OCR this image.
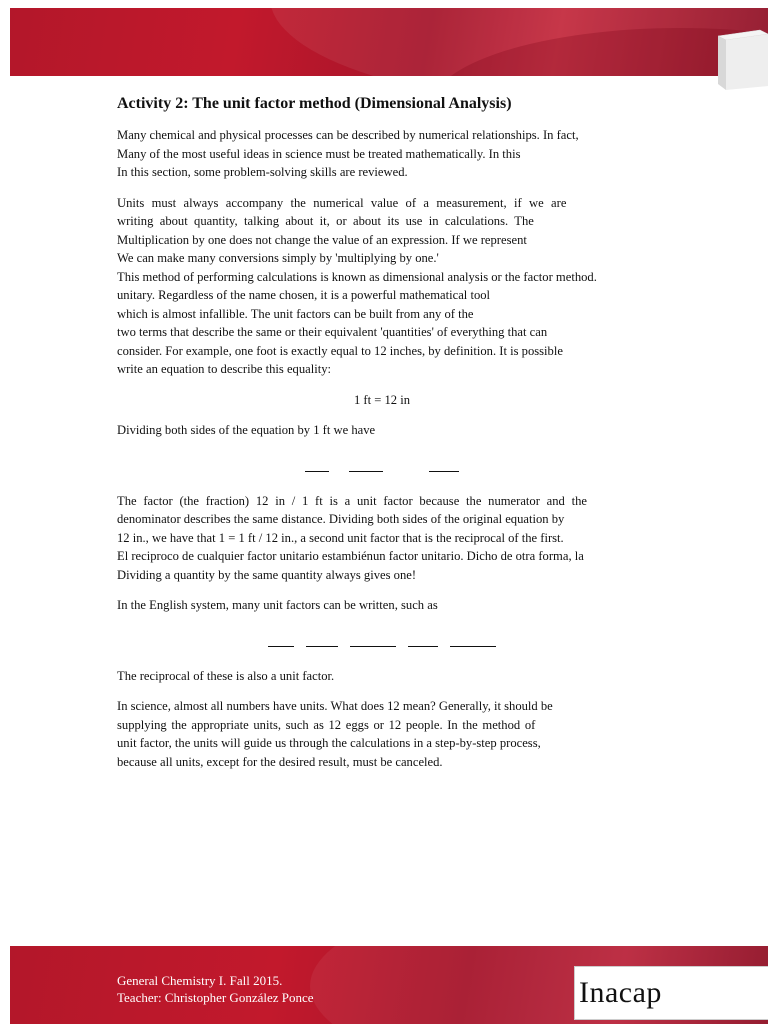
Activity 2: The unit factor method (Dimensional Analysis)
Many chemical and physical processes can be described by numerical relationships. In fact,
Many of the most useful ideas in science must be treated mathematically. In this
In this section, some problem-solving skills are reviewed.
Units must always accompany the numerical value of a measurement, if we are
writing about quantity, talking about it, or about its use in calculations. The
Multiplication by one does not change the value of an expression. If we represent
We can make many conversions simply by 'multiplying by one.'
This method of performing calculations is known as dimensional analysis or the factor method.
unitary. Regardless of the name chosen, it is a powerful mathematical tool
which is almost infallible. The unit factors can be built from any of the
two terms that describe the same or their equivalent 'quantities' of everything that can
consider. For example, one foot is exactly equal to 12 inches, by definition. It is possible
write an equation to describe this equality:
1 ft = 12 in
Dividing both sides of the equation by 1 ft we have
The factor (the fraction) 12 in / 1 ft is a unit factor because the numerator and the
denominator describes the same distance. Dividing both sides of the original equation by
12 in., we have that 1 = 1 ft / 12 in., a second unit factor that is the reciprocal of the first.
El reciproco de cualquier factor unitario estambiénun factor unitario. Dicho de otra forma, la
Dividing a quantity by the same quantity always gives one!
In the English system, many unit factors can be written, such as
The reciprocal of these is also a unit factor.
In science, almost all numbers have units. What does 12 mean? Generally, it should be
supplying the appropriate units, such as 12 eggs or 12 people. In the method of
unit factor, the units will guide us through the calculations in a step-by-step process,
because all units, except for the desired result, must be canceled.
General Chemistry I. Fall 2015.
Teacher: Christopher González Ponce	Inacap
